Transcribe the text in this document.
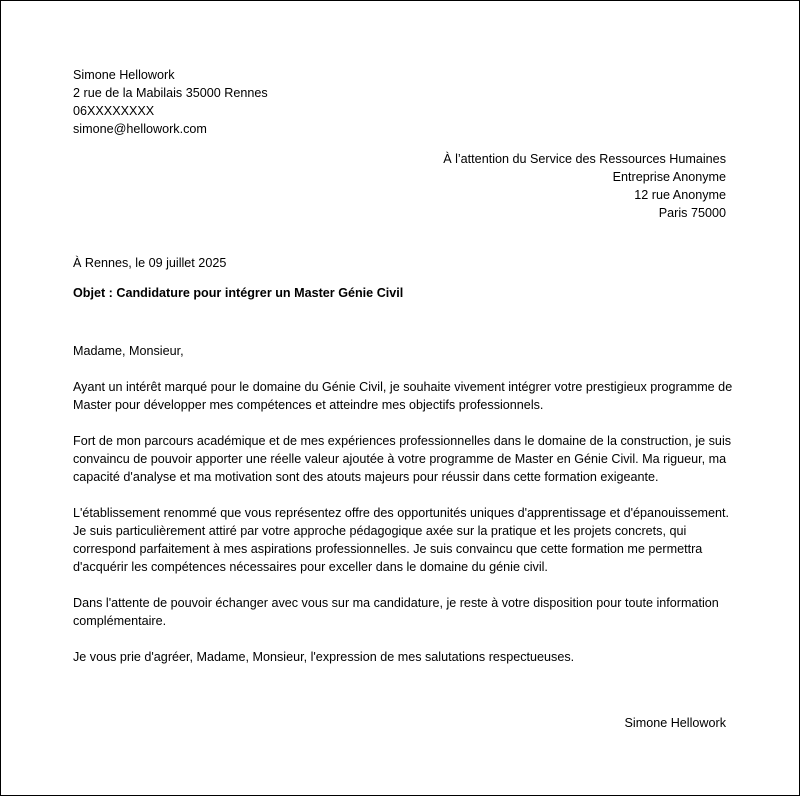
Simone Hellowork
2 rue de la Mabilais 35000 Rennes
06XXXXXXXX
simone@hellowork.com
À l’attention du Service des Ressources Humaines
Entreprise Anonyme
12 rue Anonyme
Paris 75000
À Rennes, le 09 juillet 2025
Objet : Candidature pour intégrer un Master Génie Civil

Madame, Monsieur,

Ayant un intérêt marqué pour le domaine du Génie Civil, je souhaite vivement intégrer votre prestigieux programme de Master pour développer mes compétences et atteindre mes objectifs professionnels.

Fort de mon parcours académique et de mes expériences professionnelles dans le domaine de la construction, je suis convaincu de pouvoir apporter une réelle valeur ajoutée à votre programme de Master en Génie Civil. Ma rigueur, ma capacité d'analyse et ma motivation sont des atouts majeurs pour réussir dans cette formation exigeante.

L'établissement renommé que vous représentez offre des opportunités uniques d'apprentissage et d'épanouissement. Je suis particulièrement attiré par votre approche pédagogique axée sur la pratique et les projets concrets, qui correspond parfaitement à mes aspirations professionnelles. Je suis convaincu que cette formation me permettra d'acquérir les compétences nécessaires pour exceller dans le domaine du génie civil.

Dans l'attente de pouvoir échanger avec vous sur ma candidature, je reste à votre disposition pour toute information complémentaire.

Je vous prie d'agréer, Madame, Monsieur, l'expression de mes salutations respectueuses.

Simone Hellowork
